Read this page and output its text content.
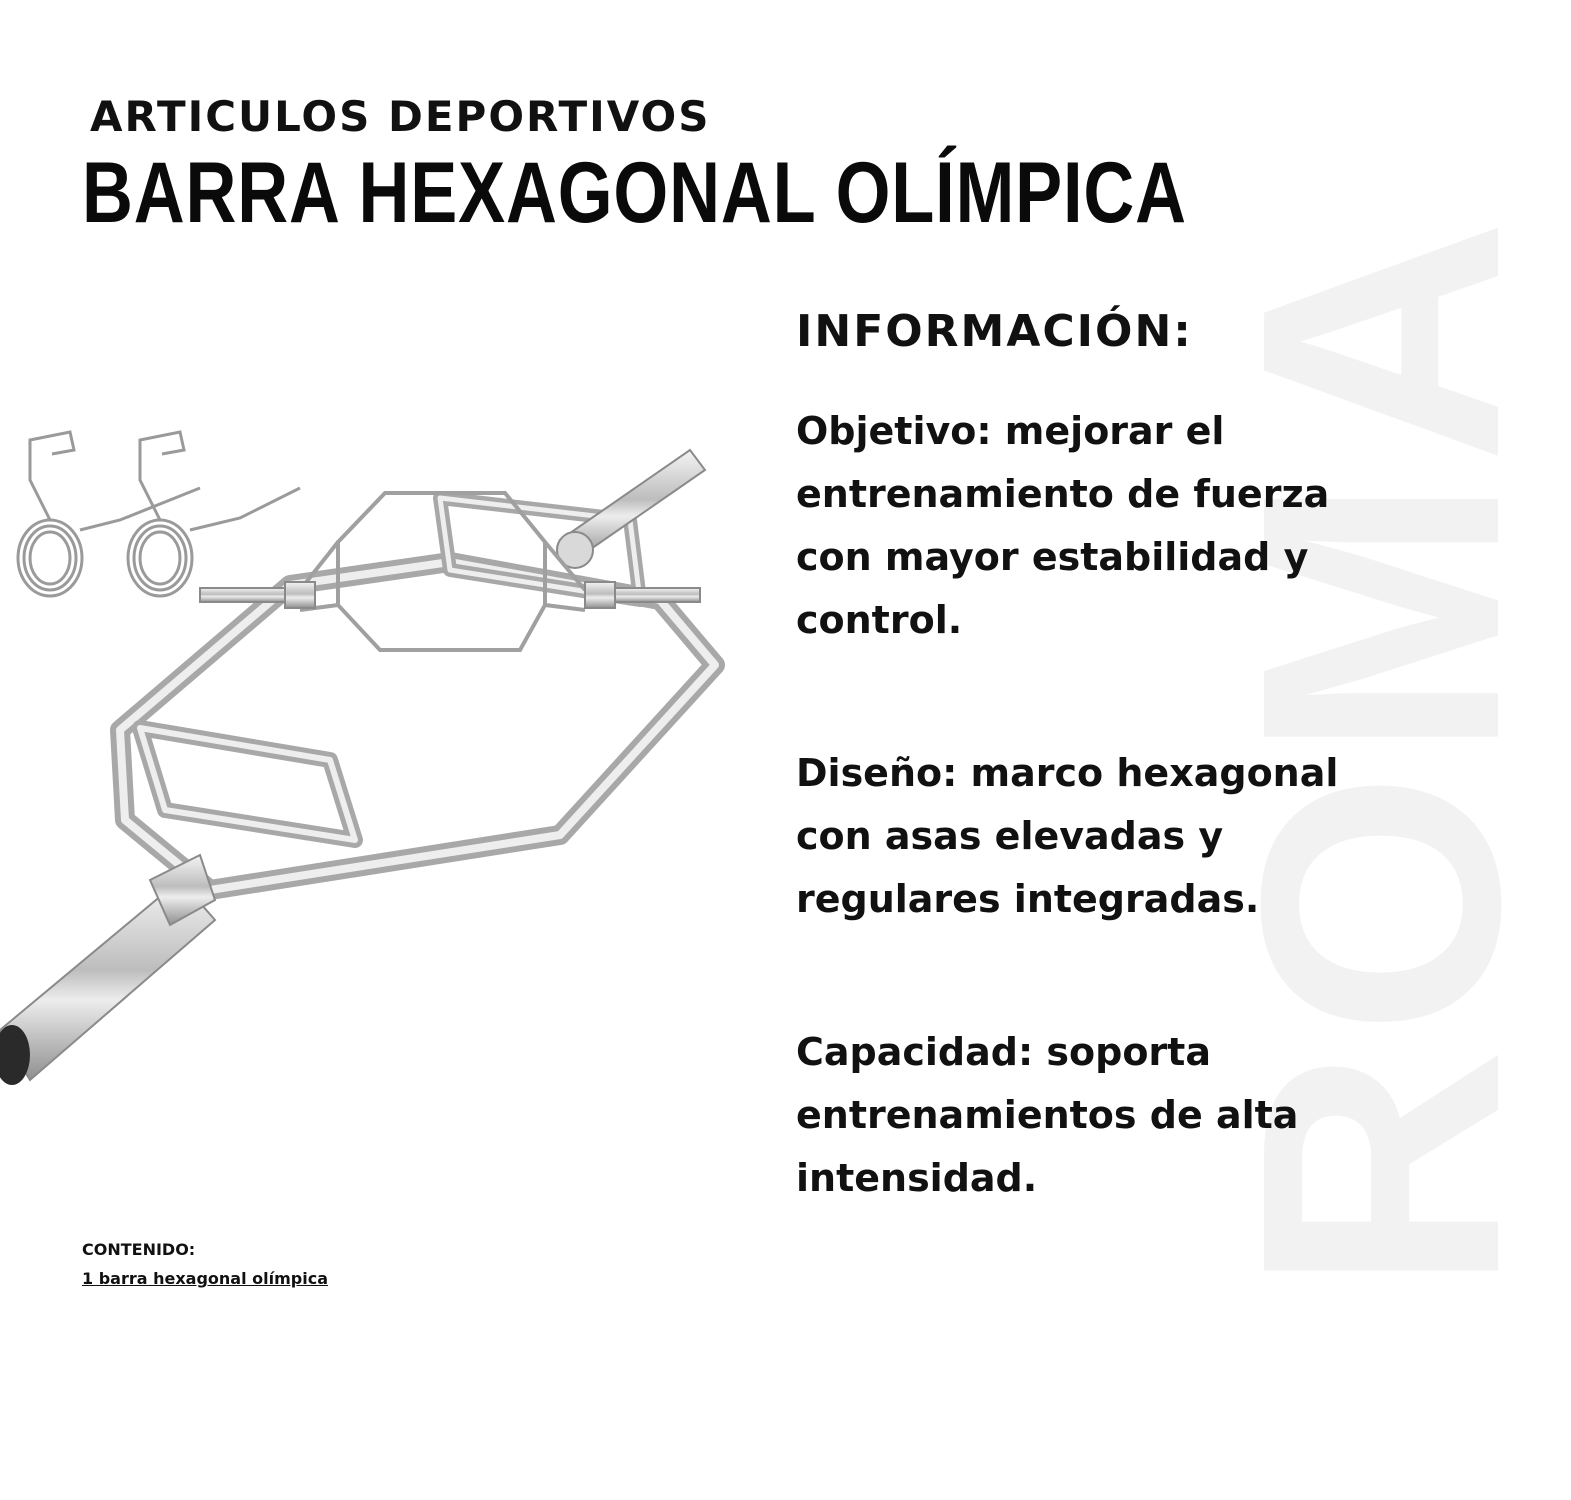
ROMA
ARTICULOS DEPORTIVOS
BARRA HEXAGONAL OLÍMPICA
INFORMACIÓN:
Objetivo: mejorar el entrenamiento de fuerza con mayor estabilidad y control.
Diseño: marco hexagonal con asas elevadas y regulares integradas.
Capacidad: soporta entrenamientos de alta intensidad.
CONTENIDO:
1 barra hexagonal olímpica
